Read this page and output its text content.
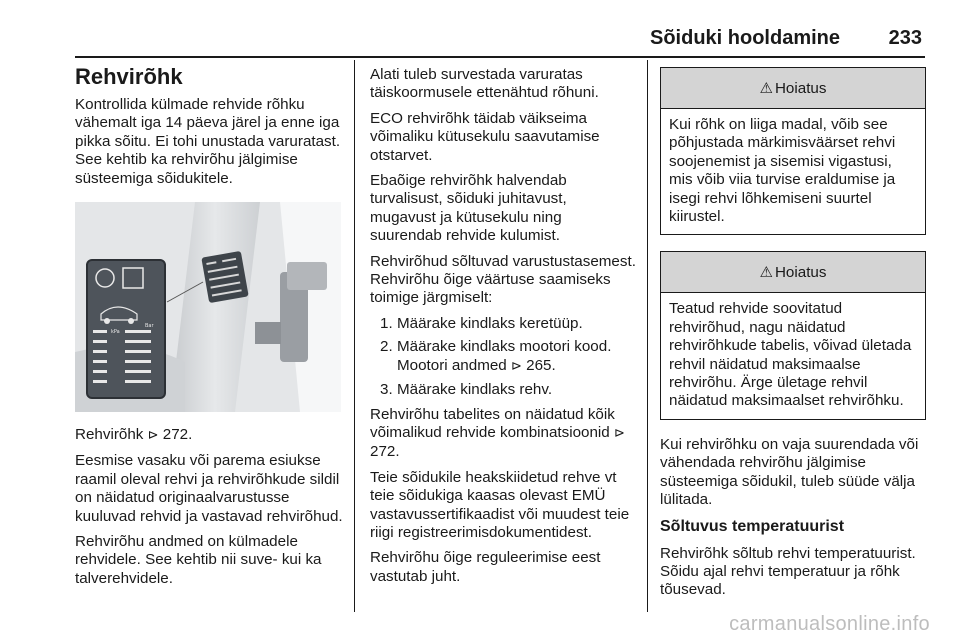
Sõiduki hooldamine	233
Rehvirõhk

Kontrollida külmade rehvide rõhku vähemalt iga 14 päeva järel ja enne iga pikka sõitu. Ei tohi unustada varuratast. See kehtib ka rehvirõhu jälgimise süsteemiga sõidukitele.

kPa
Bar

Rehvirõhk ⊳ 272.

Eesmise vasaku või parema esiukse raamil oleval rehvi ja rehvirõhkude sildil on näidatud originaalvarustusse kuuluvad rehvid ja vastavad rehvirõhud.

Rehvirõhu andmed on külmadele rehvidele. See kehtib nii suve- kui ka talverehvidele.

Alati tuleb survestada varuratas täiskoormusele ettenähtud rõhuni.

ECO rehvirõhk täidab väikseima võimaliku kütusekulu saavutamise otstarvet.

Ebaõige rehvirõhk halvendab turvalisust, sõiduki juhitavust, mugavust ja kütusekulu ning suurendab rehvide kulumist.

Rehvirõhud sõltuvad varustustasemest. Rehvirõhu õige väärtuse saamiseks toimige järgmiselt:

1. Määrake kindlaks keretüüp.
2. Määrake kindlaks mootori kood. Mootori andmed ⊳ 265.
3. Määrake kindlaks rehv.

Rehvirõhu tabelites on näidatud kõik võimalikud rehvide kombinatsioonid ⊳ 272.

Teie sõidukile heakskiidetud rehve vt teie sõidukiga kaasas olevast EMÜ vastavussertifikaadist või muudest teie riigi registreerimisdokumentidest.

Rehvirõhu õige reguleerimise eest vastutab juht.

⚠ Hoiatus

Kui rõhk on liiga madal, võib see põhjustada märkimisväärset rehvi soojenemist ja sisemisi vigastusi, mis võib viia turvise eraldumise ja isegi rehvi lõhkemiseni suurtel kiirustel.

⚠ Hoiatus

Teatud rehvide soovitatud rehvirõhud, nagu näidatud rehvirõhkude tabelis, võivad ületada rehvil näidatud maksimaalse rehvirõhu. Ärge ületage rehvil näidatud maksimaalset rehvirõhku.

Kui rehvirõhku on vaja suurendada või vähendada rehvirõhu jälgimise süsteemiga sõidukil, tuleb süüde välja lülitada.

Sõltuvus temperatuurist

Rehvirõhk sõltub rehvi temperatuurist. Sõidu ajal rehvi temperatuur ja rõhk tõusevad.

carmanualsonline.info
